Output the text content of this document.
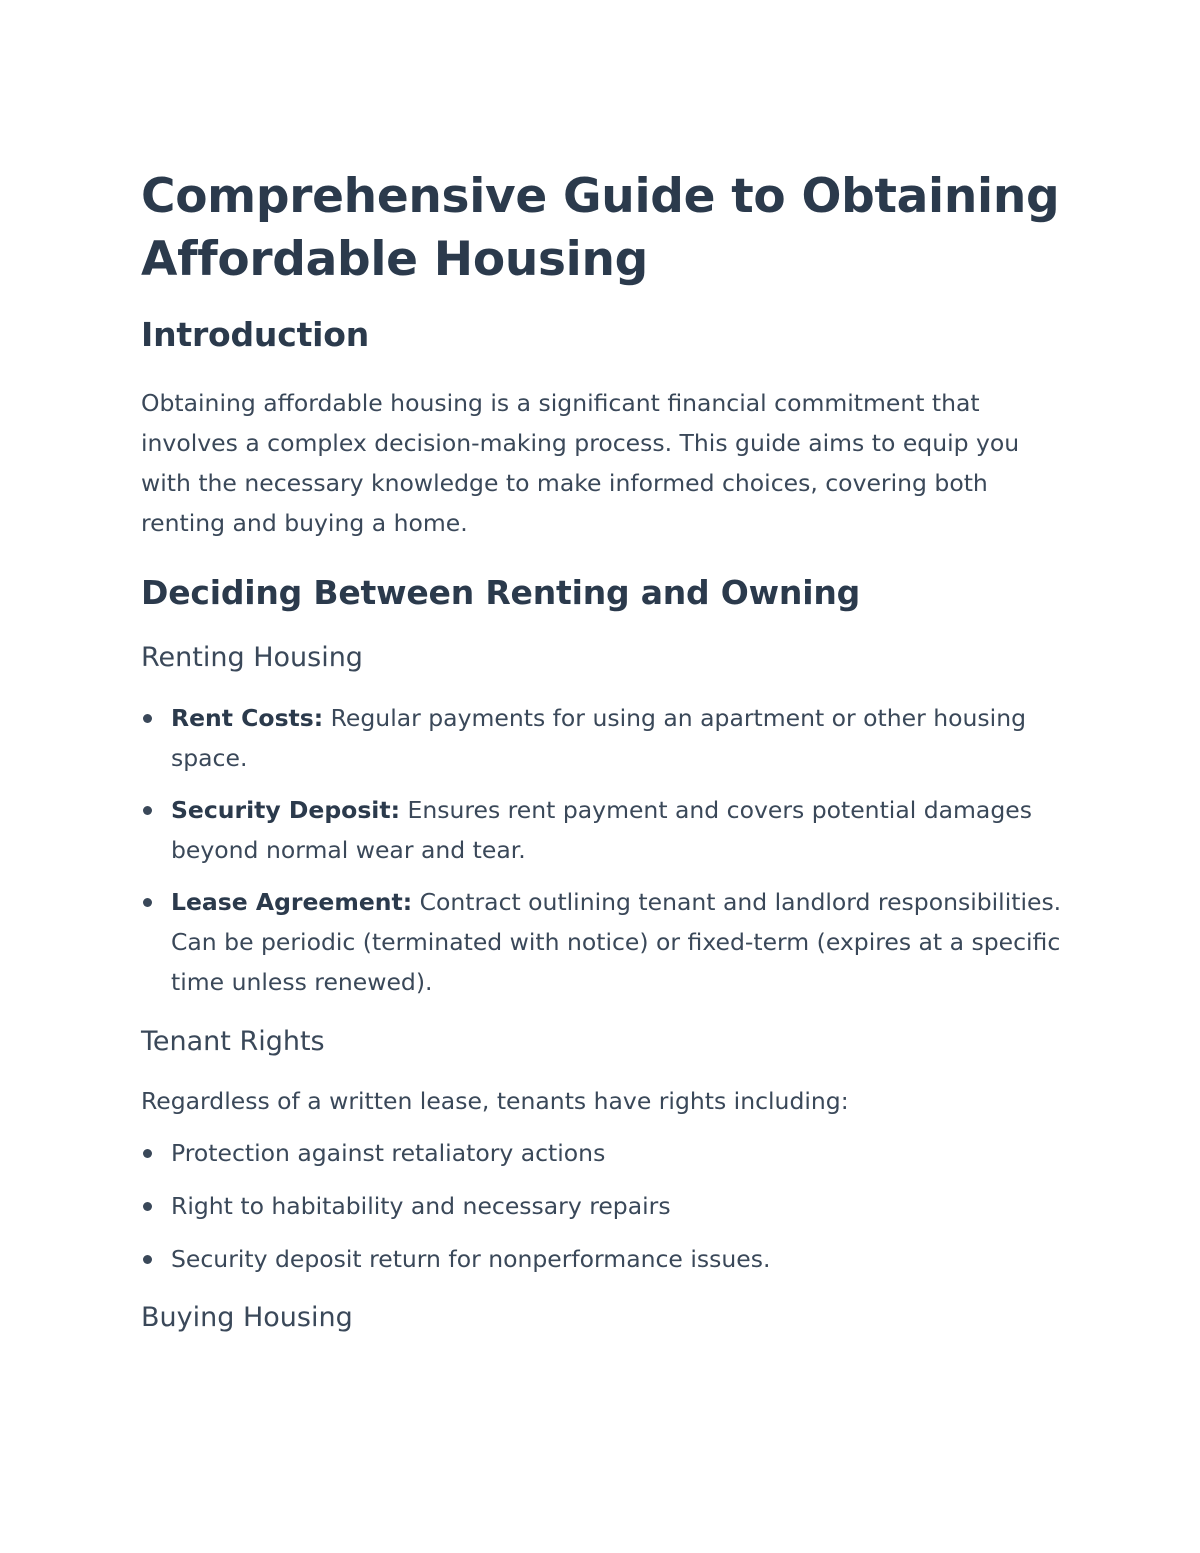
Comprehensive Guide to Obtaining Affordable Housing
Introduction

Obtaining affordable housing is a significant financial commitment that involves a complex decision-making process. This guide aims to equip you with the necessary knowledge to make informed choices, covering both renting and buying a home.

Deciding Between Renting and Owning
Renting Housing
Rent Costs: Regular payments for using an apartment or other housing space.
Security Deposit: Ensures rent payment and covers potential damages beyond normal wear and tear.
Lease Agreement: Contract outlining tenant and landlord responsibilities. Can be periodic (terminated with notice) or fixed-term (expires at a specific time unless renewed).
Tenant Rights

Regardless of a written lease, tenants have rights including:

Protection against retaliatory actions
Right to habitability and necessary repairs
Security deposit return for nonperformance issues.
Buying Housing
